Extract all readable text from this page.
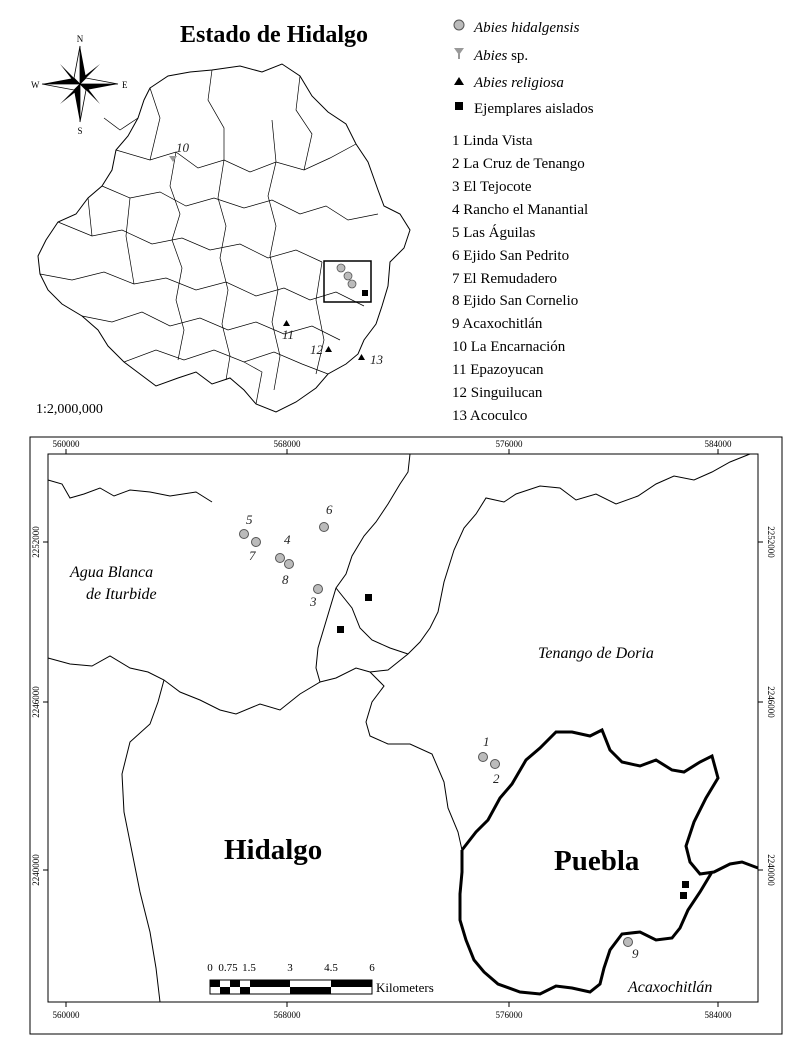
Estado de Hidalgo
1:2,000,000
N
E
S
W
10
11
12
13
Abies hidalgensis
Abies sp.
Abies religiosa
Ejemplares aislados
1 Linda Vista
2 La Cruz de Tenango
3 El Tejocote
4 Rancho el Manantial
5 Las Águilas
6 Ejido San Pedrito
7 El Remudadero
8 Ejido San Cornelio
9 Acaxochitlán
10 La Encarnación
11 Epazoyucan
12 Singuilucan
13 Acoculco
560000	568000	576000	584000
560000	568000	576000	584000
2252000
2246000
2240000
2252000
2246000
2240000
5
7
4
8
6
3
1
2
9
Agua Blanca
de Iturbide
Tenango de Doria
Acaxochitlán
Hidalgo	Puebla
0 0.75 1.5	3	4.5	6
Kilometers
